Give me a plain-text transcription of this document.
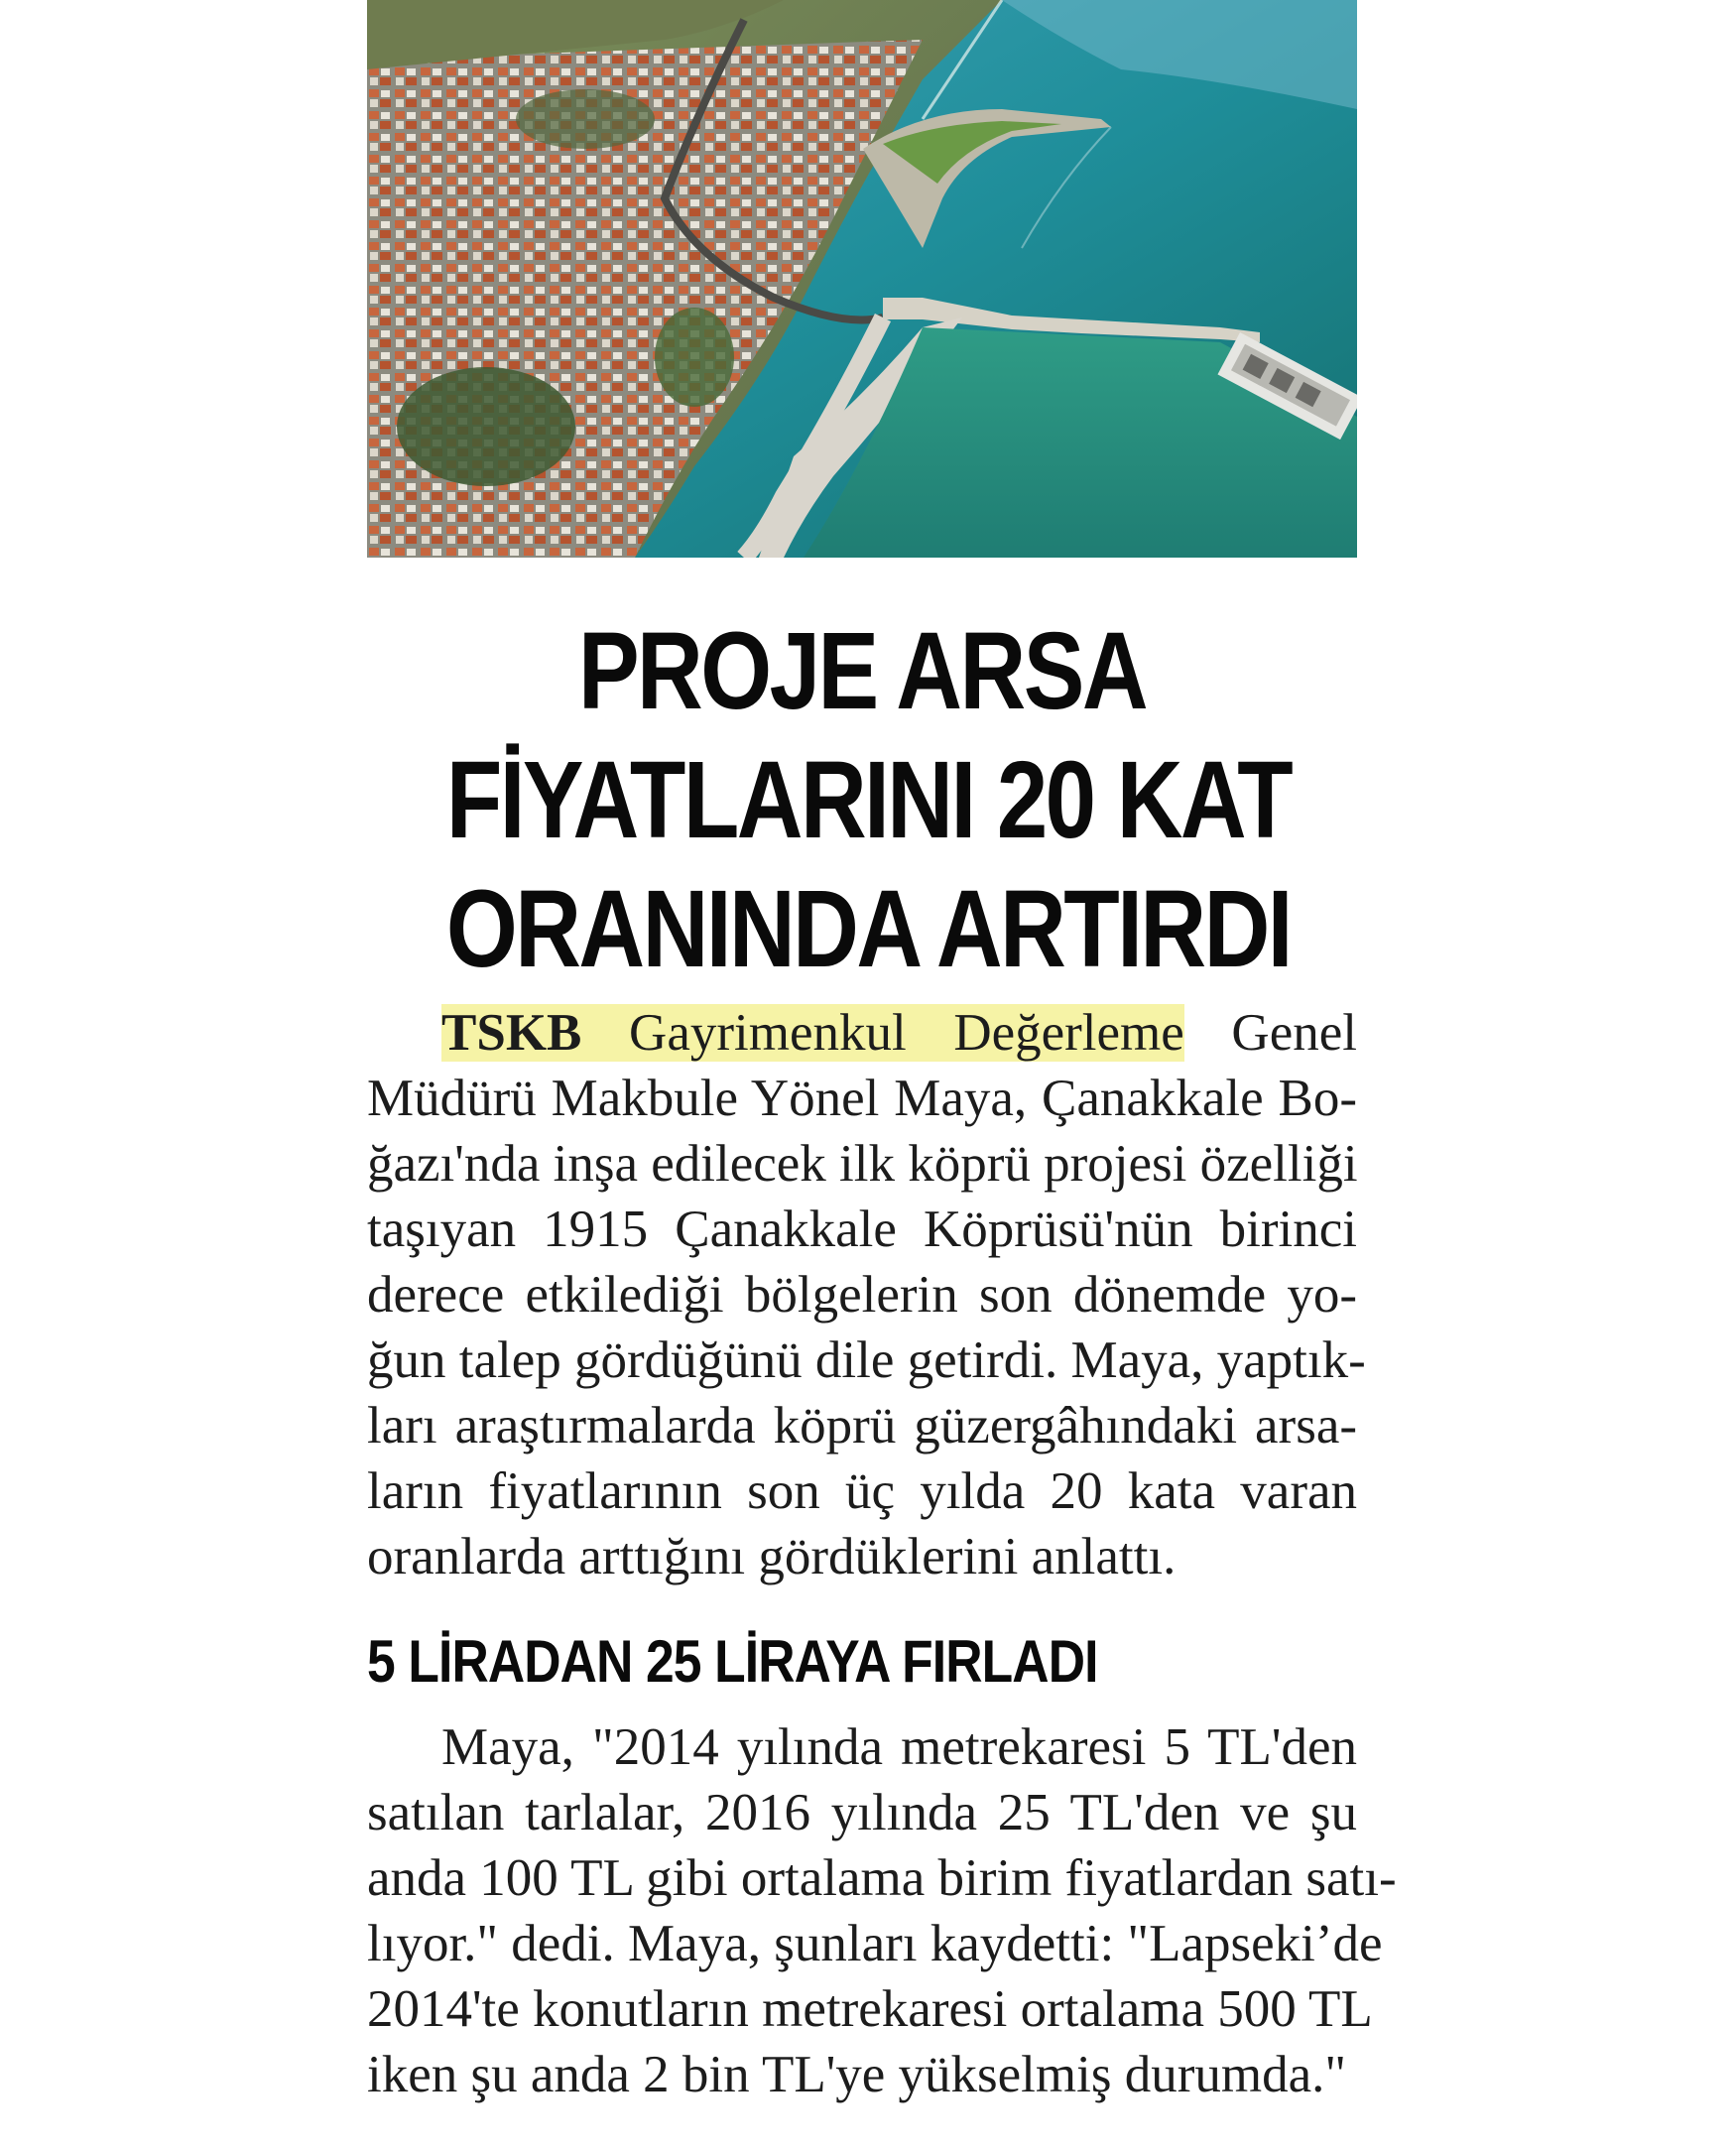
PROJE ARSA
FİYATLARINI 20 KAT
ORANINDA ARTIRDI
TSKB Gayrimenkul Değerleme Genel
Müdürü Makbule Yönel Maya, Çanakkale Bo-
ğazı'nda inşa edilecek ilk köprü projesi özelliği
taşıyan 1915 Çanakkale Köprüsü'nün birinci
derece etkilediği bölgelerin son dönemde yo-
ğun talep gördüğünü dile getirdi. Maya, yaptık-
ları araştırmalarda köprü güzergâhındaki arsa-
ların fiyatlarının son üç yılda 20 kata varan
oranlarda arttığını gördüklerini anlattı.
5 LİRADAN 25 LİRAYA FIRLADI
Maya, "2014 yılında metrekaresi 5 TL'den
satılan tarlalar, 2016 yılında 25 TL'den ve şu
anda 100 TL gibi ortalama birim fiyatlardan satı-
lıyor." dedi. Maya, şunları kaydetti: "Lapseki’de
2014'te konutların metrekaresi ortalama 500 TL
iken şu anda 2 bin TL'ye yükselmiş durumda."
